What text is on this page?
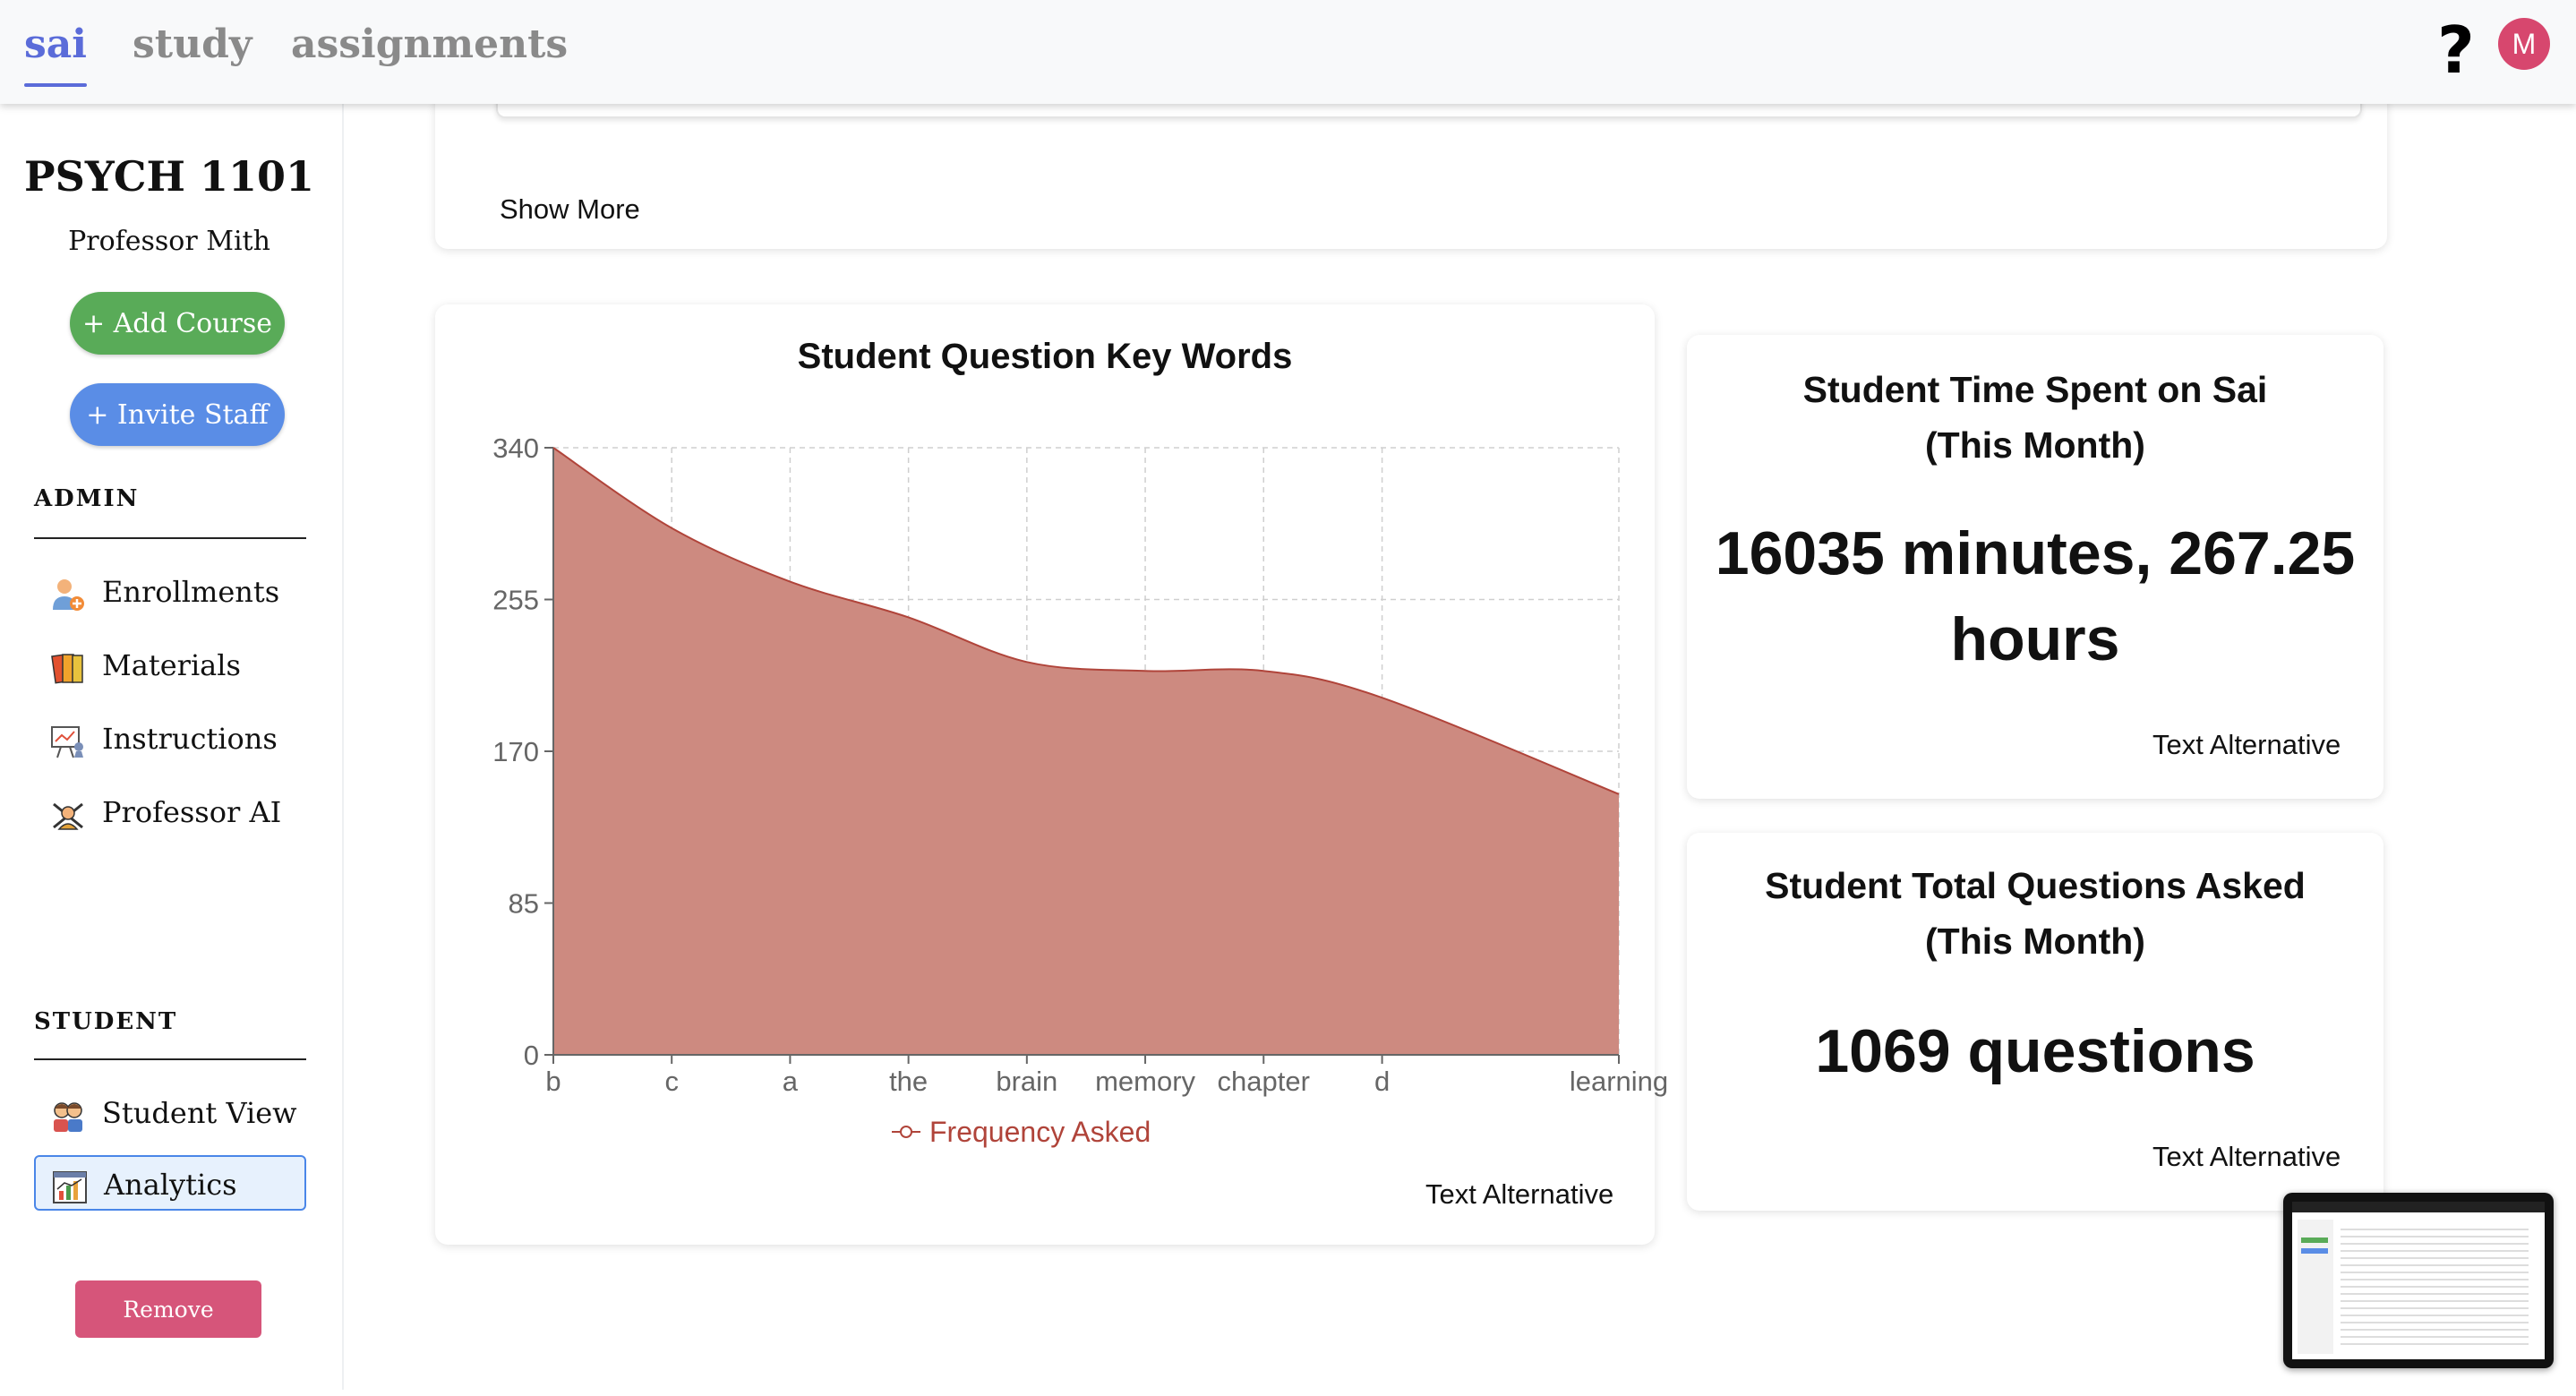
sai study assignments	?	M
PSYCH 1101
Professor Mith
+ Add Course
+ Invite Staff
ADMIN
Enrollments
Materials
Instructions
Professor AI
STUDENT
Student View
Analytics
Remove Course
Show More
Student Question Key Words
0
85
170
255
340
b	c	a	the brain memory chapter d	learning
Frequency Asked
Text Alternative
Student Time Spent on Sai
(This Month)
16035 minutes, 267.25
hours
Text Alternative
Student Total Questions Asked
(This Month)
1069 questions
Text Alternative
